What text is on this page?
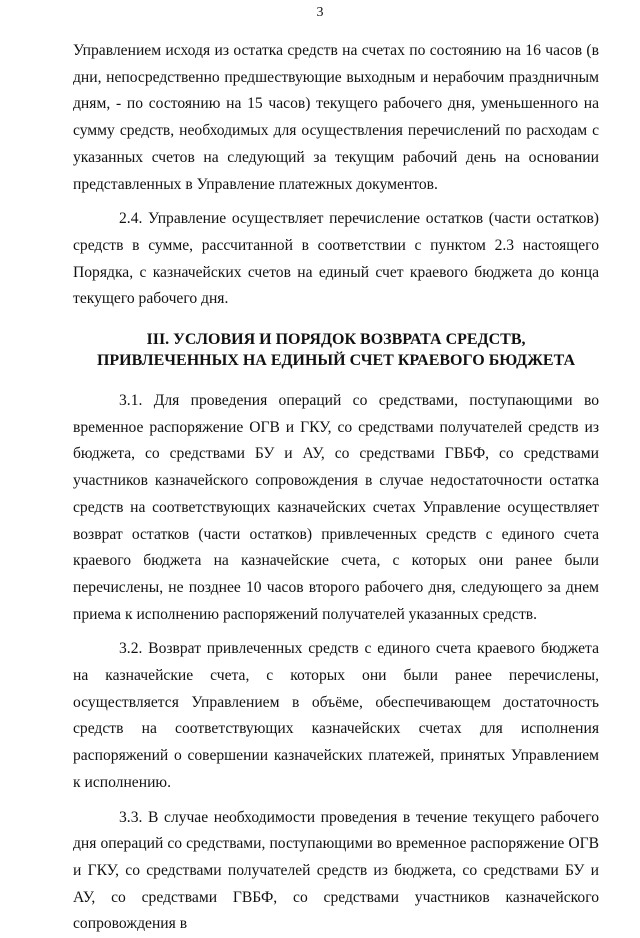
3

Управлением исходя из остатка средств на счетах по состоянию на 16 часов (в дни, непосредственно предшествующие выходным и нерабочим праздничным дням, - по состоянию на 15 часов) текущего рабочего дня, уменьшенного на сумму средств, необходимых для осуществления перечислений по расходам с указанных счетов на следующий за текущим рабочий день на основании представленных в Управление платежных документов.

2.4. Управление осуществляет перечисление остатков (части остатков) средств в сумме, рассчитанной в соответствии с пунктом 2.3 настоящего Порядка, с казначейских счетов на единый счет краевого бюджета до конца текущего рабочего дня.

III. УСЛОВИЯ И ПОРЯДОК ВОЗВРАТА СРЕДСТВ,
ПРИВЛЕЧЕННЫХ НА ЕДИНЫЙ СЧЕТ КРАЕВОГО БЮДЖЕТА

3.1. Для проведения операций со средствами, поступающими во временное распоряжение ОГВ и ГКУ, со средствами получателей средств из бюджета, со средствами БУ и АУ, со средствами ГВБФ, со средствами участников казначейского сопровождения в случае недостаточности остатка средств на соответствующих казначейских счетах Управление осуществляет возврат остатков (части остатков) привлеченных средств с единого счета краевого бюджета на казначейские счета, с которых они ранее были перечислены, не позднее 10 часов второго рабочего дня, следующего за днем приема к исполнению распоряжений получателей указанных средств.

3.2. Возврат привлеченных средств с единого счета краевого бюджета на казначейские счета, с которых они были ранее перечислены, осуществляется Управлением в объёме, обеспечивающем достаточность средств на соответствующих казначейских счетах для исполнения распоряжений о совершении казначейских платежей, принятых Управлением к исполнению.

3.3. В случае необходимости проведения в течение текущего рабочего дня операций со средствами, поступающими во временное распоряжение ОГВ и ГКУ, со средствами получателей средств из бюджета, со средствами БУ и АУ, со средствами ГВБФ, со средствами участников казначейского сопровождения в
